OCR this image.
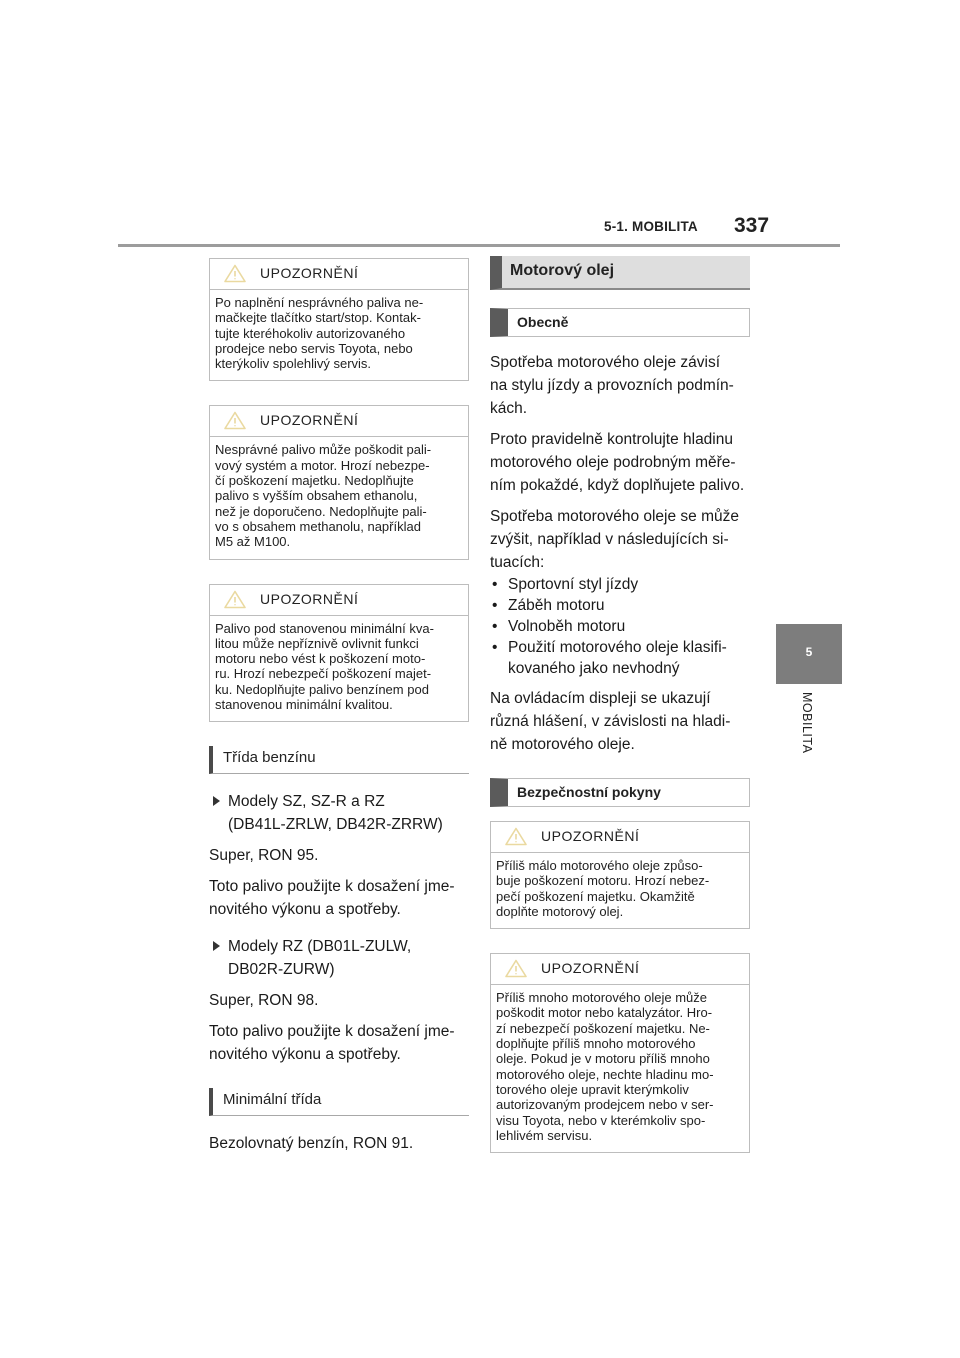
5-1. MOBILITA 337
5
MOBILITA
UPOZORNĚNÍ
Po naplnění nesprávného paliva ne-
mačkejte tlačítko start/stop. Kontak-
tujte kteréhokoliv autorizovaného
prodejce nebo servis Toyota, nebo
kterýkoliv spolehlivý servis.
UPOZORNĚNÍ
Nesprávné palivo může poškodit pali-
vový systém a motor. Hrozí nebezpe-
čí poškození majetku. Nedoplňujte
palivo s vyšším obsahem ethanolu,
než je doporučeno. Nedoplňujte pali-
vo s obsahem methanolu, například
M5 až M100.
UPOZORNĚNÍ
Palivo pod stanovenou minimální kva-
litou může nepříznivě ovlivnit funkci
motoru nebo vést k poškození moto-
ru. Hrozí nebezpečí poškození majet-
ku. Nedoplňujte palivo benzínem pod
stanovenou minimální kvalitou.
Třída benzínu
Modely SZ, SZ-R a RZ
(DB41L-ZRLW, DB42R-ZRRW)

Super, RON 95.

Toto palivo použijte k dosažení jme-
novitého výkonu a spotřeby.

Modely RZ (DB01L-ZULW,
DB02R-ZURW)

Super, RON 98.

Toto palivo použijte k dosažení jme-
novitého výkonu a spotřeby.

Minimální třída

Bezolovnatý benzín, RON 91.

Motorový olej
Obecně

Spotřeba motorového oleje závisí
na stylu jízdy a provozních podmín-
kách.

Proto pravidelně kontrolujte hladinu
motorového oleje podrobným měře-
ním pokaždé, když doplňujete palivo.

Spotřeba motorového oleje se může
zvýšit, například v následujících si-
tuacích:

• Sportovní styl jízdy
• Záběh motoru
• Volnoběh motoru
• Použití motorového oleje klasifi-
kovaného jako nevhodný

Na ovládacím displeji se ukazují
různá hlášení, v závislosti na hladi-
ně motorového oleje.

Bezpečnostní pokyny
UPOZORNĚNÍ
Příliš málo motorového oleje způso-
buje poškození motoru. Hrozí nebez-
pečí poškození majetku. Okamžitě
doplňte motorový olej.
UPOZORNĚNÍ
Příliš mnoho motorového oleje může
poškodit motor nebo katalyzátor. Hro-
zí nebezpečí poškození majetku. Ne-
doplňujte příliš mnoho motorového
oleje. Pokud je v motoru příliš mnoho
motorového oleje, nechte hladinu mo-
torového oleje upravit kterýmkoliv
autorizovaným prodejcem nebo v ser-
visu Toyota, nebo v kterémkoliv spo-
lehlivém servisu.
